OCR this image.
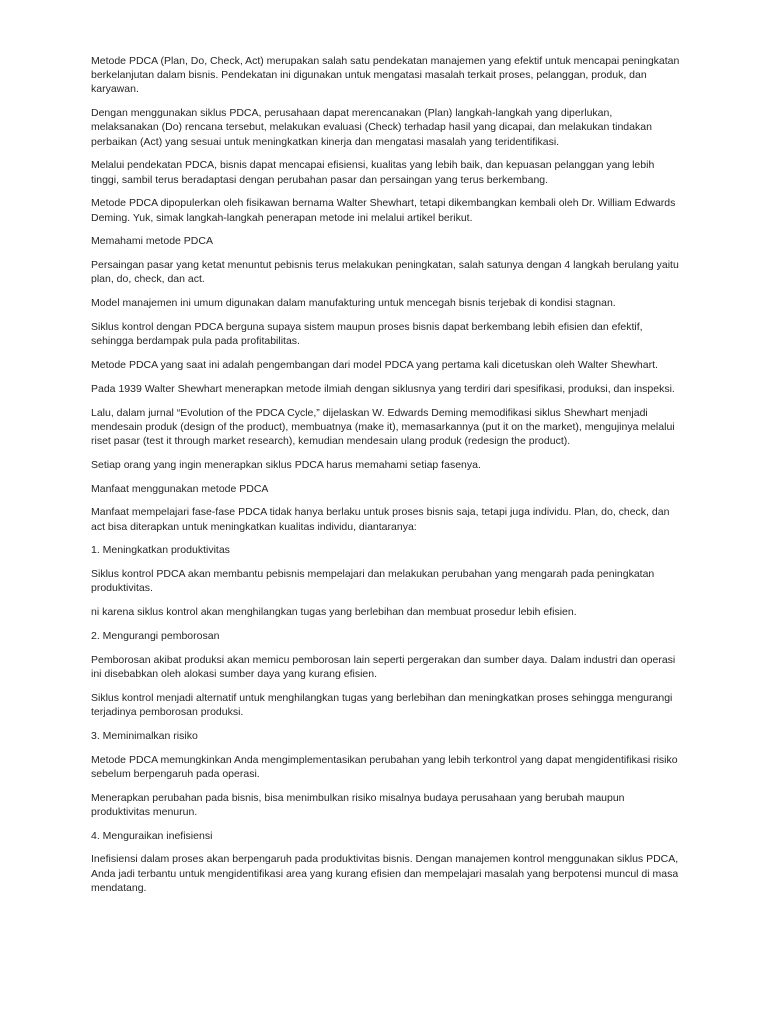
Metode PDCA (Plan, Do, Check, Act) merupakan salah satu pendekatan manajemen yang efektif untuk mencapai peningkatan berkelanjutan dalam bisnis. Pendekatan ini digunakan untuk mengatasi masalah terkait proses, pelanggan, produk, dan karyawan.

Dengan menggunakan siklus PDCA, perusahaan dapat merencanakan (Plan) langkah-langkah yang diperlukan, melaksanakan (Do) rencana tersebut, melakukan evaluasi (Check) terhadap hasil yang dicapai, dan melakukan tindakan perbaikan (Act) yang sesuai untuk meningkatkan kinerja dan mengatasi masalah yang teridentifikasi.

Melalui pendekatan PDCA, bisnis dapat mencapai efisiensi, kualitas yang lebih baik, dan kepuasan pelanggan yang lebih tinggi, sambil terus beradaptasi dengan perubahan pasar dan persaingan yang terus berkembang.

Metode PDCA dipopulerkan oleh fisikawan bernama Walter Shewhart, tetapi dikembangkan kembali oleh Dr. William Edwards Deming. Yuk, simak langkah-langkah penerapan metode ini melalui artikel berikut.

Memahami metode PDCA

Persaingan pasar yang ketat menuntut pebisnis terus melakukan peningkatan, salah satunya dengan 4 langkah berulang yaitu plan, do, check, dan act.

Model manajemen ini umum digunakan dalam manufakturing untuk mencegah bisnis terjebak di kondisi stagnan.

Siklus kontrol dengan PDCA berguna supaya sistem maupun proses bisnis dapat berkembang lebih efisien dan efektif, sehingga berdampak pula pada profitabilitas.

Metode PDCA yang saat ini adalah pengembangan dari model PDCA yang pertama kali dicetuskan oleh Walter Shewhart.

Pada 1939 Walter Shewhart menerapkan metode ilmiah dengan siklusnya yang terdiri dari spesifikasi, produksi, dan inspeksi.

Lalu, dalam jurnal “Evolution of the PDCA Cycle,” dijelaskan W. Edwards Deming memodifikasi siklus Shewhart menjadi mendesain produk (design of the product), membuatnya (make it), memasarkannya (put it on the market), mengujinya melalui riset pasar (test it through market research), kemudian mendesain ulang produk (redesign the product).

Setiap orang yang ingin menerapkan siklus PDCA harus memahami setiap fasenya.

Manfaat menggunakan metode PDCA

Manfaat mempelajari fase-fase PDCA tidak hanya berlaku untuk proses bisnis saja, tetapi juga individu. Plan, do, check, dan act bisa diterapkan untuk meningkatkan kualitas individu, diantaranya:

1. Meningkatkan produktivitas

Siklus kontrol PDCA akan membantu pebisnis mempelajari dan melakukan perubahan yang mengarah pada peningkatan produktivitas.

ni karena siklus kontrol akan menghilangkan tugas yang berlebihan dan membuat prosedur lebih efisien.

2. Mengurangi pemborosan

Pemborosan akibat produksi akan memicu pemborosan lain seperti pergerakan dan sumber daya. Dalam industri dan operasi ini disebabkan oleh alokasi sumber daya yang kurang efisien.

Siklus kontrol menjadi alternatif untuk menghilangkan tugas yang berlebihan dan meningkatkan proses sehingga mengurangi terjadinya pemborosan produksi.

3. Meminimalkan risiko

Metode PDCA memungkinkan Anda mengimplementasikan perubahan yang lebih terkontrol yang dapat mengidentifikasi risiko sebelum berpengaruh pada operasi.

Menerapkan perubahan pada bisnis, bisa menimbulkan risiko misalnya budaya perusahaan yang berubah maupun produktivitas menurun.

4. Menguraikan inefisiensi

Inefisiensi dalam proses akan berpengaruh pada produktivitas bisnis. Dengan manajemen kontrol menggunakan siklus PDCA, Anda jadi terbantu untuk mengidentifikasi area yang kurang efisien dan mempelajari masalah yang berpotensi muncul di masa mendatang.
